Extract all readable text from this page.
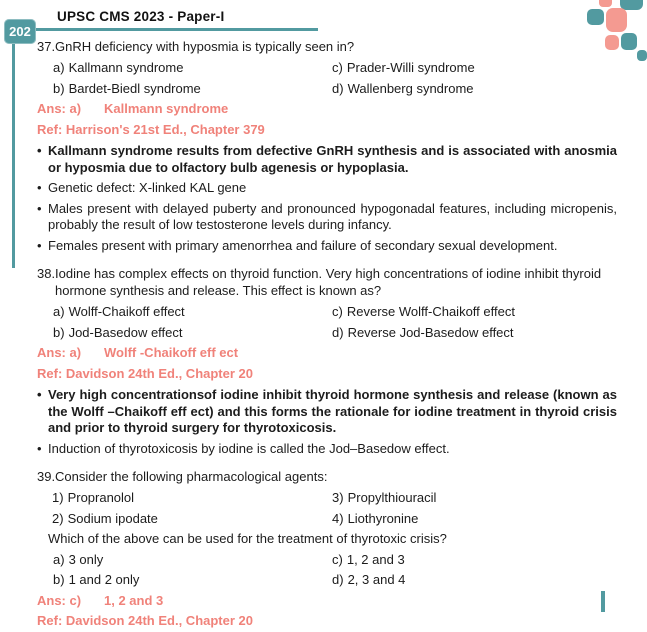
202
UPSC CMS 2023 - Paper-I
37. GnRH deficiency with hyposmia is typically seen in?
a) Kallmann syndrome	c) Prader-Willi syndrome
b) Bardet-Biedl syndrome	d) Wallenberg syndrome
Ans: a) Kallmann syndrome
Ref: Harrison's 21st Ed., Chapter 379
•
Kallmann syndrome results from defective GnRH synthesis and is associated with anosmia or hyposmia due to olfactory bulb agenesis or hypoplasia.
•
Genetic defect: X-linked KAL gene
•
Males present with delayed puberty and pronounced hypogonadal features, including micropenis, probably the result of low testosterone levels during infancy.
•
Females present with primary amenorrhea and failure of secondary sexual development.
38. Iodine has complex effects on thyroid function. Very high concentrations of iodine inhibit thyroid hormone synthesis and release. This effect is known as?
a) Wolff-Chaikoff effect	c) Reverse Wolff-Chaikoff effect
b) Jod-Basedow effect	d) Reverse Jod-Basedow effect
Ans: a) Wolff -Chaikoff eff ect
Ref: Davidson 24th Ed., Chapter 20
•
Very high concentrationsof iodine inhibit thyroid hormone synthesis and release (known as the Wolff –Chaikoff eff ect) and this forms the rationale for iodine treatment in thyroid crisis and prior to thyroid surgery for thyrotoxicosis.
•
Induction of thyrotoxicosis by iodine is called the Jod–Basedow effect.
39. Consider the following pharmacological agents:
1) Propranolol	3) Propylthiouracil
2) Sodium ipodate	4) Liothyronine
Which of the above can be used for the treatment of thyrotoxic crisis?
a) 3 only	c) 1, 2 and 3
b) 1 and 2 only	d) 2, 3 and 4
Ans: c) 1, 2 and 3
Ref: Davidson 24th Ed., Chapter 20
